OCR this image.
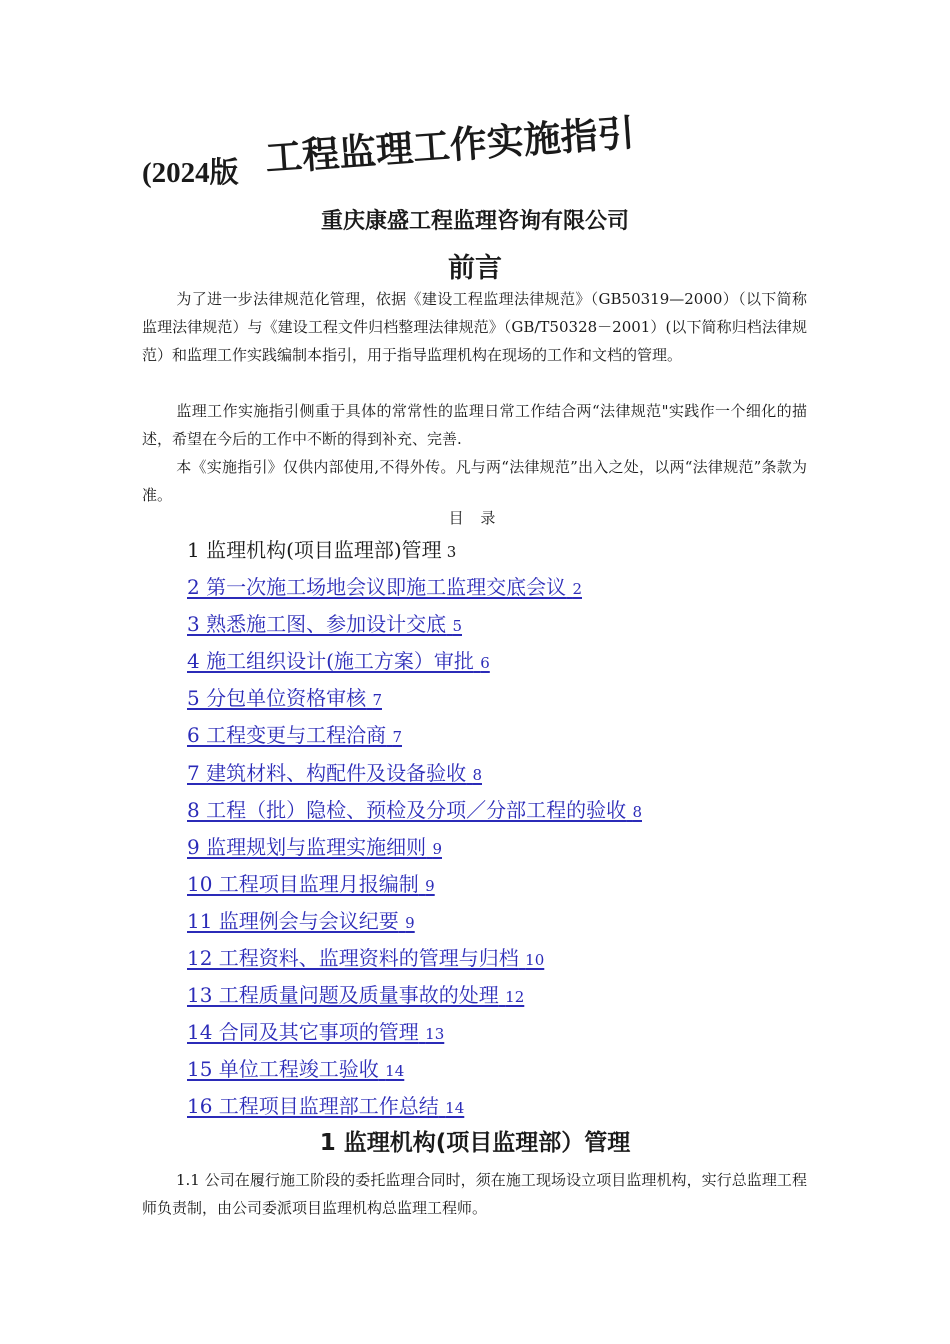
(2024版 工程监理工作实施指引
重庆康盛工程监理咨询有限公司
前言
为了进一步法律规范化管理，依据《建设工程监理法律规范》（GB50319—2000）（以下简称监理法律规范）与《建设工程文件归档整理法律规范》（GB/T50328－2001）(以下简称归档法律规范）和监理工作实践编制本指引，用于指导监理机构在现场的工作和文档的管理。
监理工作实施指引侧重于具体的常常性的监理日常工作结合两“法律规范"实践作一个细化的描述，希望在今后的工作中不断的得到补充、完善.
本《实施指引》仅供内部使用,不得外传。凡与两“法律规范”出入之处，以两“法律规范”条款为准。
目 录
1 监理机构(项目监理部)管理 3
2 第一次施工场地会议即施工监理交底会议 2
3 熟悉施工图、参加设计交底 5
4 施工组织设计(施工方案）审批 6
5 分包单位资格审核 7
6 工程变更与工程洽商 7
7 建筑材料、构配件及设备验收 8
8 工程（批）隐检、预检及分项／分部工程的验收 8
9 监理规划与监理实施细则 9
10 工程项目监理月报编制 9
11 监理例会与会议纪要 9
12 工程资料、监理资料的管理与归档 10
13 工程质量问题及质量事故的处理 12
14 合同及其它事项的管理 13
15 单位工程竣工验收 14
16 工程项目监理部工作总结 14
1 监理机构(项目监理部）管理
1.1 公司在履行施工阶段的委托监理合同时，须在施工现场设立项目监理机构，实行总监理工程师负责制，由公司委派项目监理机构总监理工程师。
